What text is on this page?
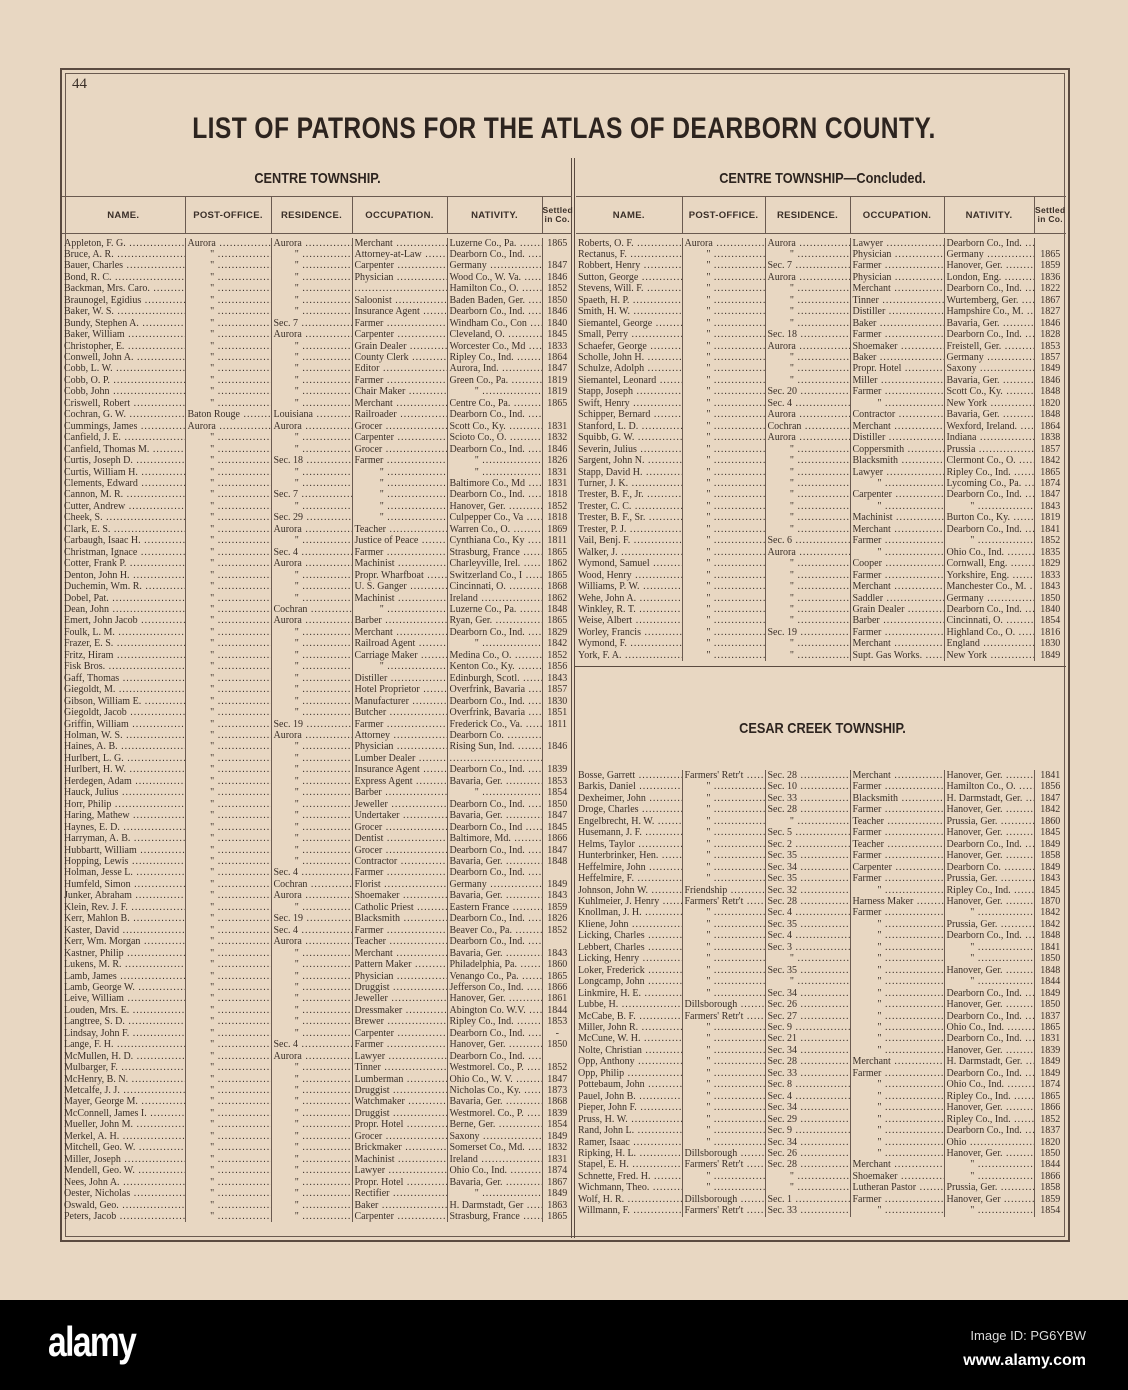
44
LIST OF PATRONS FOR THE ATLAS OF DEARBORN COUNTY.
CENTRE TOWNSHIP.	CENTRE TOWNSHIP—Concluded.
CESAR CREEK TOWNSHIP.
NAME.	POST-OFFICE.	RESIDENCE.	OCCUPATION.	NATIVITY.	Settled in Co.

Appleton, F. G. .....	Aurora .....	Aurora .....	Merchant .....	Luzerne Co., Pa. .....	1865
Bruce, A. R. .....	" .....	" .....	Attorney-at-Law .....	Dearborn Co., Ind. .....	
Bauer, Charles .....	" .....	" .....	Carpenter .....	Germany .....	1847
Bond, R. C. .....	" .....	" .....	Physician .....	Wood Co., W. Va. .....	1846
Backman, Mrs. Caro. .....	" .....	" .....	.....	Hamilton Co., O. .....	1852
Braunogel, Egidius .....	" .....	" .....	Saloonist .....	Baden Baden, Ger. .....	1850
Baker, W. S. .....	" .....	" .....	Insurance Agent .....	Dearborn Co., Ind. .....	1846
Bundy, Stephen A. .....	" .....	Sec. 7 .....	Farmer .....	Windham Co., Con .....	1840
Baker, William .....	" .....	Aurora .....	Carpenter .....	Cleveland, O. .....	1845
Christopher, E. .....	" .....	" .....	Grain Dealer .....	Worcester Co., Md .....	1833
Conwell, John A. .....	" .....	" .....	County Clerk .....	Ripley Co., Ind. .....	1864
Cobb, L. W. .....	" .....	" .....	Editor .....	Aurora, Ind. .....	1847
Cobb, O. P. .....	" .....	" .....	Farmer .....	Green Co., Pa. .....	1819
Cobb, John .....	" .....	" .....	Chair Maker .....	" .....	1819
Criswell, Robert .....	" .....	" .....	Merchant .....	Centre Co., Pa. .....	1865
Cochran, G. W. .....	Baton Rouge .....	Louisiana .....	Railroader .....	Dearborn Co., Ind. .....	
Cummings, James .....	Aurora .....	Aurora .....	Grocer .....	Scott Co., Ky. .....	1831
Canfield, J. E. .....	" .....	" .....	Carpenter .....	Scioto Co., O. .....	1832
Canfield, Thomas M. .....	" .....	" .....	Grocer .....	Dearborn Co., Ind. .....	1846
Curtis, Joseph D. .....	" .....	Sec. 18 .....	Farmer .....	" .....	1826
Curtis, William H. .....	" .....	" .....	" .....	" .....	1831
Clements, Edward .....	" .....	" .....	" .....	Baltimore Co., Md .....	1831
Cannon, M. R. .....	" .....	Sec. 7 .....	" .....	Dearborn Co., Ind. .....	1818
Cutter, Andrew .....	" .....	" .....	" .....	Hanover, Ger. .....	1852
Cheek, S. .....	" .....	Sec. 29 .....	" .....	Culpepper Co., Va .....	1818
Clark, E. S. .....	" .....	Aurora .....	Teacher .....	Warren Co., O. .....	1869
Carbaugh, Isaac H. .....	" .....	" .....	Justice of Peace .....	Cynthiana Co., Ky .....	1811
Christman, Ignace .....	" .....	Sec. 4 .....	Farmer .....	Strasburg, France .....	1865
Cotter, Frank P. .....	" .....	Aurora .....	Machinist .....	Charleyville, Irel. .....	1862
Denton, John H. .....	" .....	" .....	Propr. Wharfboat .....	Switzerland Co., I .....	1865
Duchemin, Wm. R. .....	" .....	" .....	U. S. Ganger .....	Cincinnati, O. .....	1868
Dobel, Pat. .....	" .....	" .....	Machinist .....	Ireland .....	1862
Dean, John .....	" .....	Cochran .....	" .....	Luzerne Co., Pa. .....	1848
Emert, John Jacob .....	" .....	Aurora .....	Barber .....	Ryan, Ger. .....	1865
Foulk, L. M. .....	" .....	" .....	Merchant .....	Dearborn Co., Ind. .....	1829
Frazer, E. S. .....	" .....	" .....	Railroad Agent .....	" .....	1842
Fritz, Hiram .....	" .....	" .....	Carriage Maker .....	Medina Co., O. .....	1852
Fisk Bros. .....	" .....	" .....	" .....	Kenton Co., Ky. .....	1856
Gaff, Thomas .....	" .....	" .....	Distiller .....	Edinburgh, Scotl. .....	1843
Giegoldt, M. .....	" .....	" .....	Hotel Proprietor .....	Overfrink, Bavaria .....	1857
Gibson, William E. .....	" .....	" .....	Manufacturer .....	Dearborn Co., Ind. .....	1830
Giegoldt, Jacob .....	" .....	" .....	Butcher .....	Overfrink, Bavaria .....	1851
Griffin, William .....	" .....	Sec. 19 .....	Farmer .....	Frederick Co., Va. .....	1811
Holman, W. S. .....	" .....	Aurora .....	Attorney .....	Dearborn Co. .....	
Haines, A. B. .....	" .....	" .....	Physician .....	Rising Sun, Ind. .....	1846
Hurlbert, L. G. .....	" .....	" .....	Lumber Dealer .....	.....	
Hurlbert, H. W. .....	" .....	" .....	Insurance Agent .....	Dearborn Co., Ind. .....	1839
Herdegen, Adam .....	" .....	" .....	Express Agent .....	Bavaria, Ger. .....	1853
Hauck, Julius .....	" .....	" .....	Barber .....	" .....	1854
Horr, Philip .....	" .....	" .....	Jeweller .....	Dearborn Co., Ind. .....	1850
Haring, Mathew .....	" .....	" .....	Undertaker .....	Bavaria, Ger. .....	1847
Haynes, E. D. .....	" .....	" .....	Grocer .....	Dearborn Co., Ind .....	1845
Harryman, A. B. .....	" .....	" .....	Dentist .....	Baltimore, Md. .....	1866
Hubbartt, William .....	" .....	" .....	Grocer .....	Dearborn Co., Ind. .....	1847
Hopping, Lewis .....	" .....	" .....	Contractor .....	Bavaria, Ger. .....	1848
Holman, Jesse L. .....	" .....	Sec. 4 .....	Farmer .....	Dearborn Co., Ind. .....	
Humfeld, Simon .....	" .....	Cochran .....	Florist .....	Germany .....	1849
Junker, Abraham .....	" .....	Aurora .....	Shoemaker .....	Bavaria, Ger. .....	1843
Klein, Rev. J. F. .....	" .....	" .....	Catholic Priest .....	Eastern France .....	1859
Kerr, Mahlon B. .....	" .....	Sec. 19 .....	Blacksmith .....	Dearborn Co., Ind. .....	1826
Kaster, David .....	" .....	Sec. 4 .....	Farmer .....	Beaver Co., Pa. .....	1852
Kerr, Wm. Morgan .....	" .....	Aurora .....	Teacher .....	Dearborn Co., Ind. .....	
Kastner, Philip .....	" .....	" .....	Merchant .....	Bavaria, Ger. .....	1843
Lukens, M. R. .....	" .....	" .....	Pattern Maker .....	Philadelphia, Pa. .....	1860
Lamb, James .....	" .....	" .....	Physician .....	Venango Co., Pa. .....	1865
Lamb, George W. .....	" .....	" .....	Druggist .....	Jefferson Co., Ind. .....	1866
Leive, William .....	" .....	" .....	Jeweller .....	Hanover, Ger. .....	1861
Louden, Mrs. E. .....	" .....	" .....	Dressmaker .....	Abington Co. W.V. .....	1844
Langtree, S. D. .....	" .....	" .....	Brewer .....	Ripley Co., Ind. .....	1853
Lindsay, John F. .....	" .....	" .....	Carpenter .....	Dearborn Co., Ind. .....	-
Lange, F. H. .....	" .....	Sec. 4 .....	Farmer .....	Hanover, Ger. .....	1850
McMullen, H. D. .....	" .....	Aurora .....	Lawyer .....	Dearborn Co., Ind. .....	
Mulbarger, F. .....	" .....	" .....	Tinner .....	Westmorel. Co., P. .....	1852
McHenry, B. N. .....	" .....	" .....	Lumberman .....	Ohio Co., W. V. .....	1847
Metcalfe, J. J. .....	" .....	" .....	Druggist .....	Nicholas Co., Ky. .....	1873
Mayer, George M. .....	" .....	" .....	Watchmaker .....	Bavaria, Ger. .....	1868
McConnell, James I. .....	" .....	" .....	Druggist .....	Westmorel. Co., P. .....	1839
Mueller, John M. .....	" .....	" .....	Propr. Hotel .....	Berne, Ger. .....	1854
Merkel, A. H. .....	" .....	" .....	Grocer .....	Saxony .....	1849
Mitchell, Geo. W. .....	" .....	" .....	Brickmaker .....	Somerset Co., Md. .....	1832
Miller, Joseph .....	" .....	" .....	Machinist .....	Ireland .....	1831
Mendell, Geo. W. .....	" .....	" .....	Lawyer .....	Ohio Co., Ind. .....	1874
Nees, John A. .....	" .....	" .....	Propr. Hotel .....	Bavaria, Ger. .....	1867
Oester, Nicholas .....	" .....	" .....	Rectifier .....	" .....	1849
Oswald, Geo. .....	" .....	" .....	Baker .....	H. Darmstadt, Ger .....	1863
Peters, Jacob .....	" .....	" .....	Carpenter .....	Strasburg, France .....	1865
NAME.	POST-OFFICE.	RESIDENCE.	OCCUPATION.	NATIVITY.	Settled in Co.

Roberts, O. F. .....	Aurora .....	Aurora .....	Lawyer .....	Dearborn Co., Ind. .....	
Rectanus, F. .....	" .....	" .....	Physician .....	Germany .....	1865
Robbert, Henry .....	" .....	Sec. 7 .....	Farmer .....	Hanover, Ger. .....	1859
Sutton, George .....	" .....	Aurora .....	Physician .....	London, Eng. .....	1836
Stevens, Will. F. .....	" .....	" .....	Merchant .....	Dearborn Co., Ind. .....	1822
Spaeth, H. P. .....	" .....	" .....	Tinner .....	Wurtemberg, Ger. .....	1867
Smith, H. W. .....	" .....	" .....	Distiller .....	Hampshire Co., M. .....	1827
Siemantel, George .....	" .....	" .....	Baker .....	Bavaria, Ger. .....	1846
Small, Perry .....	" .....	Sec. 18 .....	Farmer .....	Dearborn Co., Ind. .....	1828
Schaefer, George .....	" .....	Aurora .....	Shoemaker .....	Freistell, Ger. .....	1853
Scholle, John H. .....	" .....	" .....	Baker .....	Germany .....	1857
Schulze, Adolph .....	" .....	" .....	Propr. Hotel .....	Saxony .....	1849
Siemantel, Leonard .....	" .....	" .....	Miller .....	Bavaria, Ger. .....	1846
Stapp, Joseph .....	" .....	Sec. 20 .....	Farmer .....	Scott Co., Ky. .....	1848
Swift, Henry .....	" .....	Sec. 4 .....	" .....	New York .....	1820
Schipper, Bernard .....	" .....	Aurora .....	Contractor .....	Bavaria, Ger. .....	1848
Stanford, L. D. .....	" .....	Cochran .....	Merchant .....	Wexford, Ireland. .....	1864
Squibb, G. W. .....	" .....	Aurora .....	Distiller .....	Indiana .....	1838
Severin, Julius .....	" .....	" .....	Coppersmith .....	Prussia .....	1857
Sargent, John N. .....	" .....	" .....	Blacksmith .....	Clermont Co., O. .....	1842
Stapp, David H. .....	" .....	" .....	Lawyer .....	Ripley Co., Ind. .....	1865
Turner, J. K. .....	" .....	" .....	" .....	Lycoming Co., Pa. .....	1874
Trester, B. F., Jr. .....	" .....	" .....	Carpenter .....	Dearborn Co., Ind. .....	1847
Trester, C. C. .....	" .....	" .....	" .....	" .....	1843
Trester, B. F., Sr. .....	" .....	" .....	Machinist .....	Burton Co., Ky. .....	1819
Trester, P. J. .....	" .....	" .....	Merchant .....	Dearborn Co., Ind. .....	1841
Vail, Benj. F. .....	" .....	Sec. 6 .....	Farmer .....	" .....	1852
Walker, J. .....	" .....	Aurora .....	" .....	Ohio Co., Ind. .....	1835
Wymond, Samuel .....	" .....	" .....	Cooper .....	Cornwall, Eng. .....	1829
Wood, Henry .....	" .....	" .....	Farmer .....	Yorkshire, Eng. .....	1833
Williams, P. W. .....	" .....	" .....	Merchant .....	Manchester Co., M. .....	1843
Wehe, John A. .....	" .....	" .....	Saddler .....	Germany .....	1850
Winkley, R. T. .....	" .....	" .....	Grain Dealer .....	Dearborn Co., Ind. .....	1840
Weise, Albert .....	" .....	" .....	Barber .....	Cincinnati, O. .....	1854
Worley, Francis .....	" .....	Sec. 19 .....	Farmer .....	Highland Co., O. .....	1816
Wymond, F. .....	" .....	" .....	Merchant .....	England .....	1830
York, F. A. .....	" .....	" .....	Supt. Gas Works. .....	New York .....	1849
Bosse, Garrett .....	Farmers' Retr't .....	Sec. 28 .....	Merchant .....	Hanover, Ger. .....	1841
Barkis, Daniel .....	" .....	Sec. 10 .....	Farmer .....	Hamilton Co., O. .....	1856
Dexheimer, John .....	" .....	Sec. 33 .....	Blacksmith .....	H. Darmstadt, Ger. .....	1847
Droge, Charles .....	" .....	Sec. 28 .....	Farmer .....	Hanover, Ger. .....	1842
Engelbrecht, H. W. .....	" .....	" .....	Teacher .....	Prussia, Ger. .....	1860
Husemann, J. F. .....	" .....	Sec. 5 .....	Farmer .....	Hanover, Ger. .....	1845
Helms, Taylor .....	" .....	Sec. 2 .....	Teacher .....	Dearborn Co., Ind. .....	1849
Hunterbrinker, Hen. .....	" .....	Sec. 35 .....	Farmer .....	Hanover, Ger. .....	1858
Heffelmire, John .....	" .....	Sec. 34 .....	Carpenter .....	Dearborn Co. .....	1849
Heffelmire, F. .....	" .....	Sec. 35 .....	Farmer .....	Prussia, Ger. .....	1843
Johnson, John W. .....	Friendship .....	Sec. 32 .....	" .....	Ripley Co., Ind. .....	1845
Kuhlmeier, J. Henry .....	Farmers' Retr't .....	Sec. 28 .....	Harness Maker .....	Hanover, Ger. .....	1870
Knollman, J. H. .....	" .....	Sec. 4 .....	Farmer .....	" .....	1842
Kliene, John .....	" .....	Sec. 35 .....	" .....	Prussia, Ger. .....	1842
Licking, Charles .....	" .....	Sec. 4 .....	" .....	Dearborn Co., Ind. .....	1848
Lebbert, Charles .....	" .....	Sec. 3 .....	" .....	" .....	1841
Licking, Henry .....	" .....	" .....	" .....	" .....	1850
Loker, Frederick .....	" .....	Sec. 35 .....	" .....	Hanover, Ger. .....	1848
Longcamp, John .....	" .....	" .....	" .....	" .....	1844
Linkmire, H. E. .....	" .....	Sec. 34 .....	" .....	Dearborn Co., Ind. .....	1849
Lubbe, H. .....	Dillsborough .....	Sec. 26 .....	" .....	Hanover, Ger. .....	1850
McCabe, B. F. .....	Farmers' Retr't .....	Sec. 27 .....	" .....	Dearborn Co., Ind. .....	1837
Miller, John R. .....	" .....	Sec. 9 .....	" .....	Ohio Co., Ind. .....	1865
McCune, W. H. .....	" .....	Sec. 21 .....	" .....	Dearborn Co., Ind. .....	1831
Nolte, Christian .....	" .....	Sec. 34 .....	" .....	Hanover, Ger. .....	1839
Opp, Anthony .....	" .....	Sec. 28 .....	Merchant .....	H. Darmstadt, Ger. .....	1849
Opp, Philip .....	" .....	Sec. 33 .....	Farmer .....	Dearborn Co., Ind. .....	1849
Pottebaum, John .....	" .....	Sec. 8 .....	" .....	Ohio Co., Ind. .....	1874
Pauel, John B. .....	" .....	Sec. 4 .....	" .....	Ripley Co., Ind. .....	1865
Pieper, John F. .....	" .....	Sec. 34 .....	" .....	Hanover, Ger. .....	1866
Pruss, H. W. .....	" .....	Sec. 29 .....	" .....	Ripley Co., Ind. .....	1852
Rand, John L. .....	" .....	Sec. 9 .....	" .....	Dearborn Co., Ind. .....	1837
Ramer, Isaac .....	" .....	Sec. 34 .....	" .....	Ohio .....	1820
Ripking, H. L. .....	Dillsborough .....	Sec. 26 .....	" .....	Hanover, Ger. .....	1850
Stapel, E. H. .....	Farmers' Retr't .....	Sec. 28 .....	Merchant .....	" .....	1844
Schnette, Fred. H. .....	" .....	" .....	Shoemaker .....	" .....	1866
Wichmann, Theo. .....	" .....	" .....	Lutheran Pastor .....	Prussia, Ger. .....	1858
Wolf, H. R. .....	Dillsborough .....	Sec. 1 .....	Farmer .....	Hanover, Ger .....	1859
Willmann, F. .....	Farmers' Retr't .....	Sec. 33 .....	" .....	" .....	1854
alamy	Image ID: PG6YBW
www.alamy.com
